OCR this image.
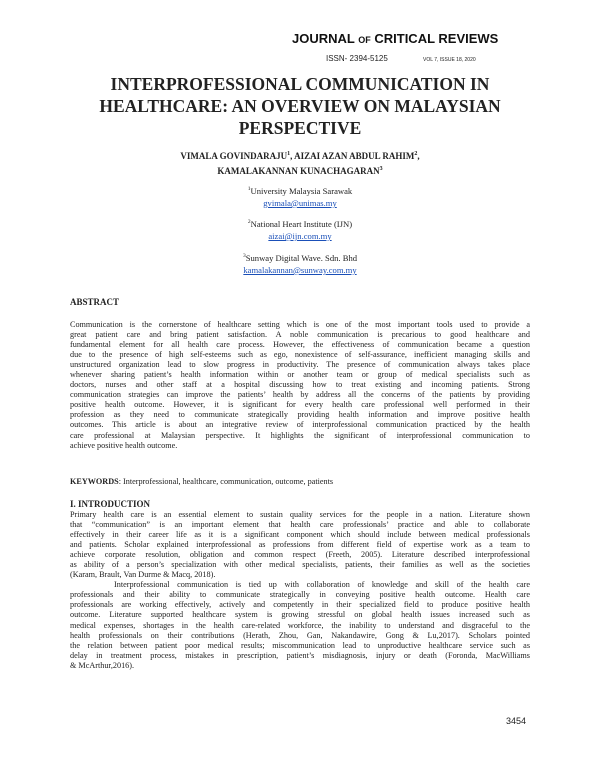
JOURNAL OF CRITICAL REVIEWS
ISSN- 2394-5125	VOL 7, ISSUE 18, 2020
INTERPROFESSIONAL COMMUNICATION IN
HEALTHCARE: AN OVERVIEW ON MALAYSIAN
PERSPECTIVE
VIMALA GOVINDARAJU$^1$, AIZAI AZAN ABDUL RAHIM$^2$,
KAMALAKANNAN KUNACHAGARAN$^3$
$^1$University Malaysia Sarawak
gvimala@unimas.my
$^2$National Heart Institute (IJN)
aizai@ijn.com.my
$^3$Sunway Digital Wave. Sdn. Bhd
kamalakannan@sunway.com.my
ABSTRACT
Communication is the cornerstone of healthcare setting which is one of the most important tools used to provide a
great patient care and bring patient satisfaction. A noble communication is precarious to good healthcare and
fundamental element for all health care process. However, the effectiveness of communication became a question
due to the presence of high self-esteems such as ego, nonexistence of self-assurance, inefficient managing skills and
unstructured organization lead to slow progress in productivity. The presence of communication always takes place
whenever sharing patient’s health information within or another team or group of medical specialists such as
doctors, nurses and other staff at a hospital discussing how to treat existing and incoming patients. Strong
communication strategies can improve the patients’ health by address all the concerns of the patients by providing
positive health outcome. However, it is significant for every health care professional well performed in their
profession as they need to communicate strategically providing health information and improve positive health
outcomes. This article is about an integrative review of interprofessional communication practiced by the health
care professional at Malaysian perspective. It highlights the significant of interprofessional communication to
achieve positive health outcome.
KEYWORDS: Interprofessional, healthcare, communication, outcome, patients
I. INTRODUCTION
Primary health care is an essential element to sustain quality services for the people in a nation. Literature shown
that “communication” is an important element that health care professionals’ practice and able to collaborate
effectively in their career life as it is a significant component which should include between medical professionals
and patients. Scholar explained interprofessional as professions from different field of expertise work as a team to
achieve corporate resolution, obligation and common respect (Freeth, 2005). Literature described interprofessional
as ability of a person’s specialization with other medical specialists, patients, their families as well as the societies
(Karam, Brault, Van Durme & Macq, 2018).
Interprofessional communication is tied up with collaboration of knowledge and skill of the health care
professionals and their ability to communicate strategically in conveying positive health outcome. Health care
professionals are working effectively, actively and competently in their specialized field to produce positive health
outcome. Literature supported healthcare system is growing stressful on global health issues increased such as
medical expenses, shortages in the health care-related workforce, the inability to understand and disgraceful to the
health professionals on their contributions (Herath, Zhou, Gan, Nakandawire, Gong & Lu,2017). Scholars pointed
the relation between patient poor medical results; miscommunication lead to unproductive healthcare service such as
delay in treatment process, mistakes in prescription, patient’s misdiagnosis, injury or death (Foronda, MacWilliams
& McArthur,2016).
3454
